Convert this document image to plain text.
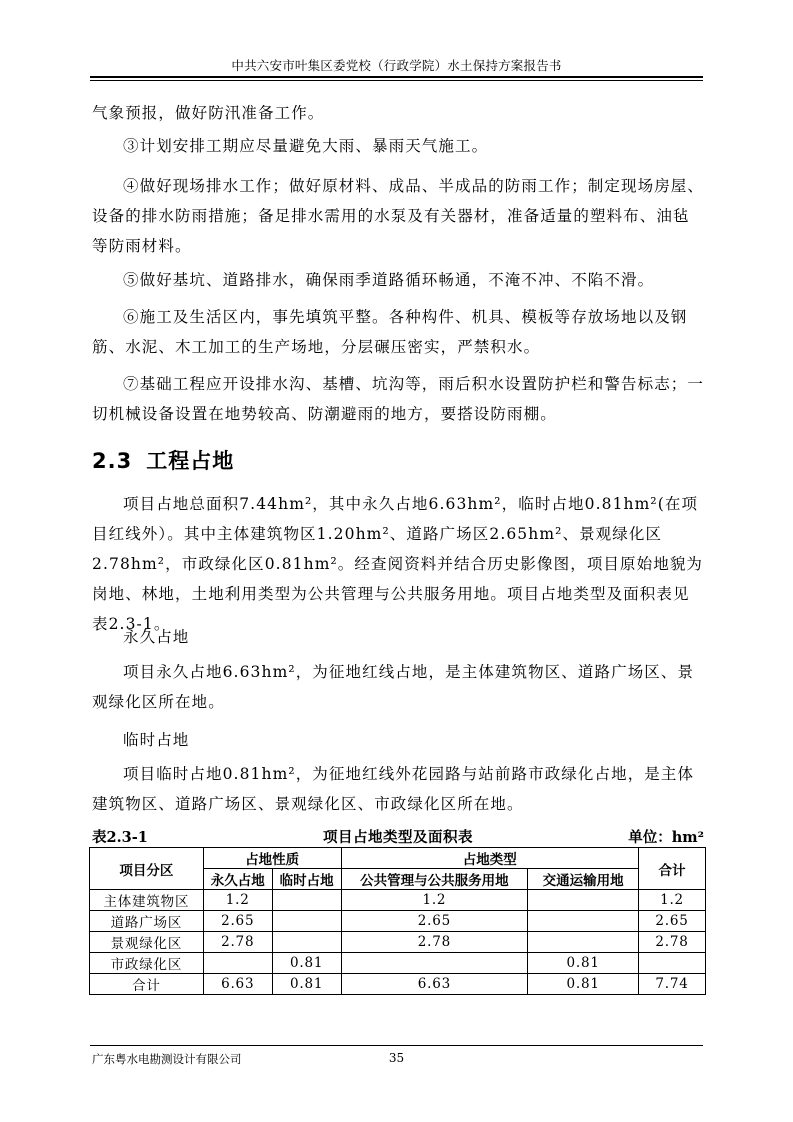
中共六安市叶集区委党校（行政学院）水土保持方案报告书

气象预报，做好防汛准备工作。

③计划安排工期应尽量避免大雨、暴雨天气施工。

④做好现场排水工作；做好原材料、成品、半成品的防雨工作；制定现场房屋、设备的排水防雨措施；备足排水需用的水泵及有关器材，准备适量的塑料布、油毡等防雨材料。

⑤做好基坑、道路排水，确保雨季道路循环畅通，不淹不冲、不陷不滑。

⑥施工及生活区内，事先填筑平整。各种构件、机具、模板等存放场地以及钢筋、水泥、木工加工的生产场地，分层碾压密实，严禁积水。

⑦基础工程应开设排水沟、基槽、坑沟等，雨后积水设置防护栏和警告标志；一切机械设备设置在地势较高、防潮避雨的地方，要搭设防雨棚。

2.3 工程占地

项目占地总面积7.44hm²，其中永久占地6.63hm²，临时占地0.81hm²(在项目红线外）。其中主体建筑物区1.20hm²、道路广场区2.65hm²、景观绿化区2.78hm²，市政绿化区0.81hm²。经查阅资料并结合历史影像图，项目原始地貌为岗地、林地，土地利用类型为公共管理与公共服务用地。项目占地类型及面积表见表2.3-1。

永久占地

项目永久占地6.63hm²，为征地红线占地，是主体建筑物区、道路广场区、景观绿化区所在地。

临时占地

项目临时占地0.81hm²，为征地红线外花园路与站前路市政绿化占地，是主体建筑物区、道路广场区、景观绿化区、市政绿化区所在地。

项目占地类型及面积表
表2.3-1	单位：hm²
项目分区	占地性质		占地类型		合计
	永久占地	临时占地	公共管理与公共服务用地	交通运输用地	
主体建筑物区	1.2		1.2		1.2
道路广场区	2.65		2.65		2.65
景观绿化区	2.78		2.78		2.78
市政绿化区		0.81		0.81	
合计	6.63	0.81	6.63	0.81	7.74
广东粤水电勘测设计有限公司	35
